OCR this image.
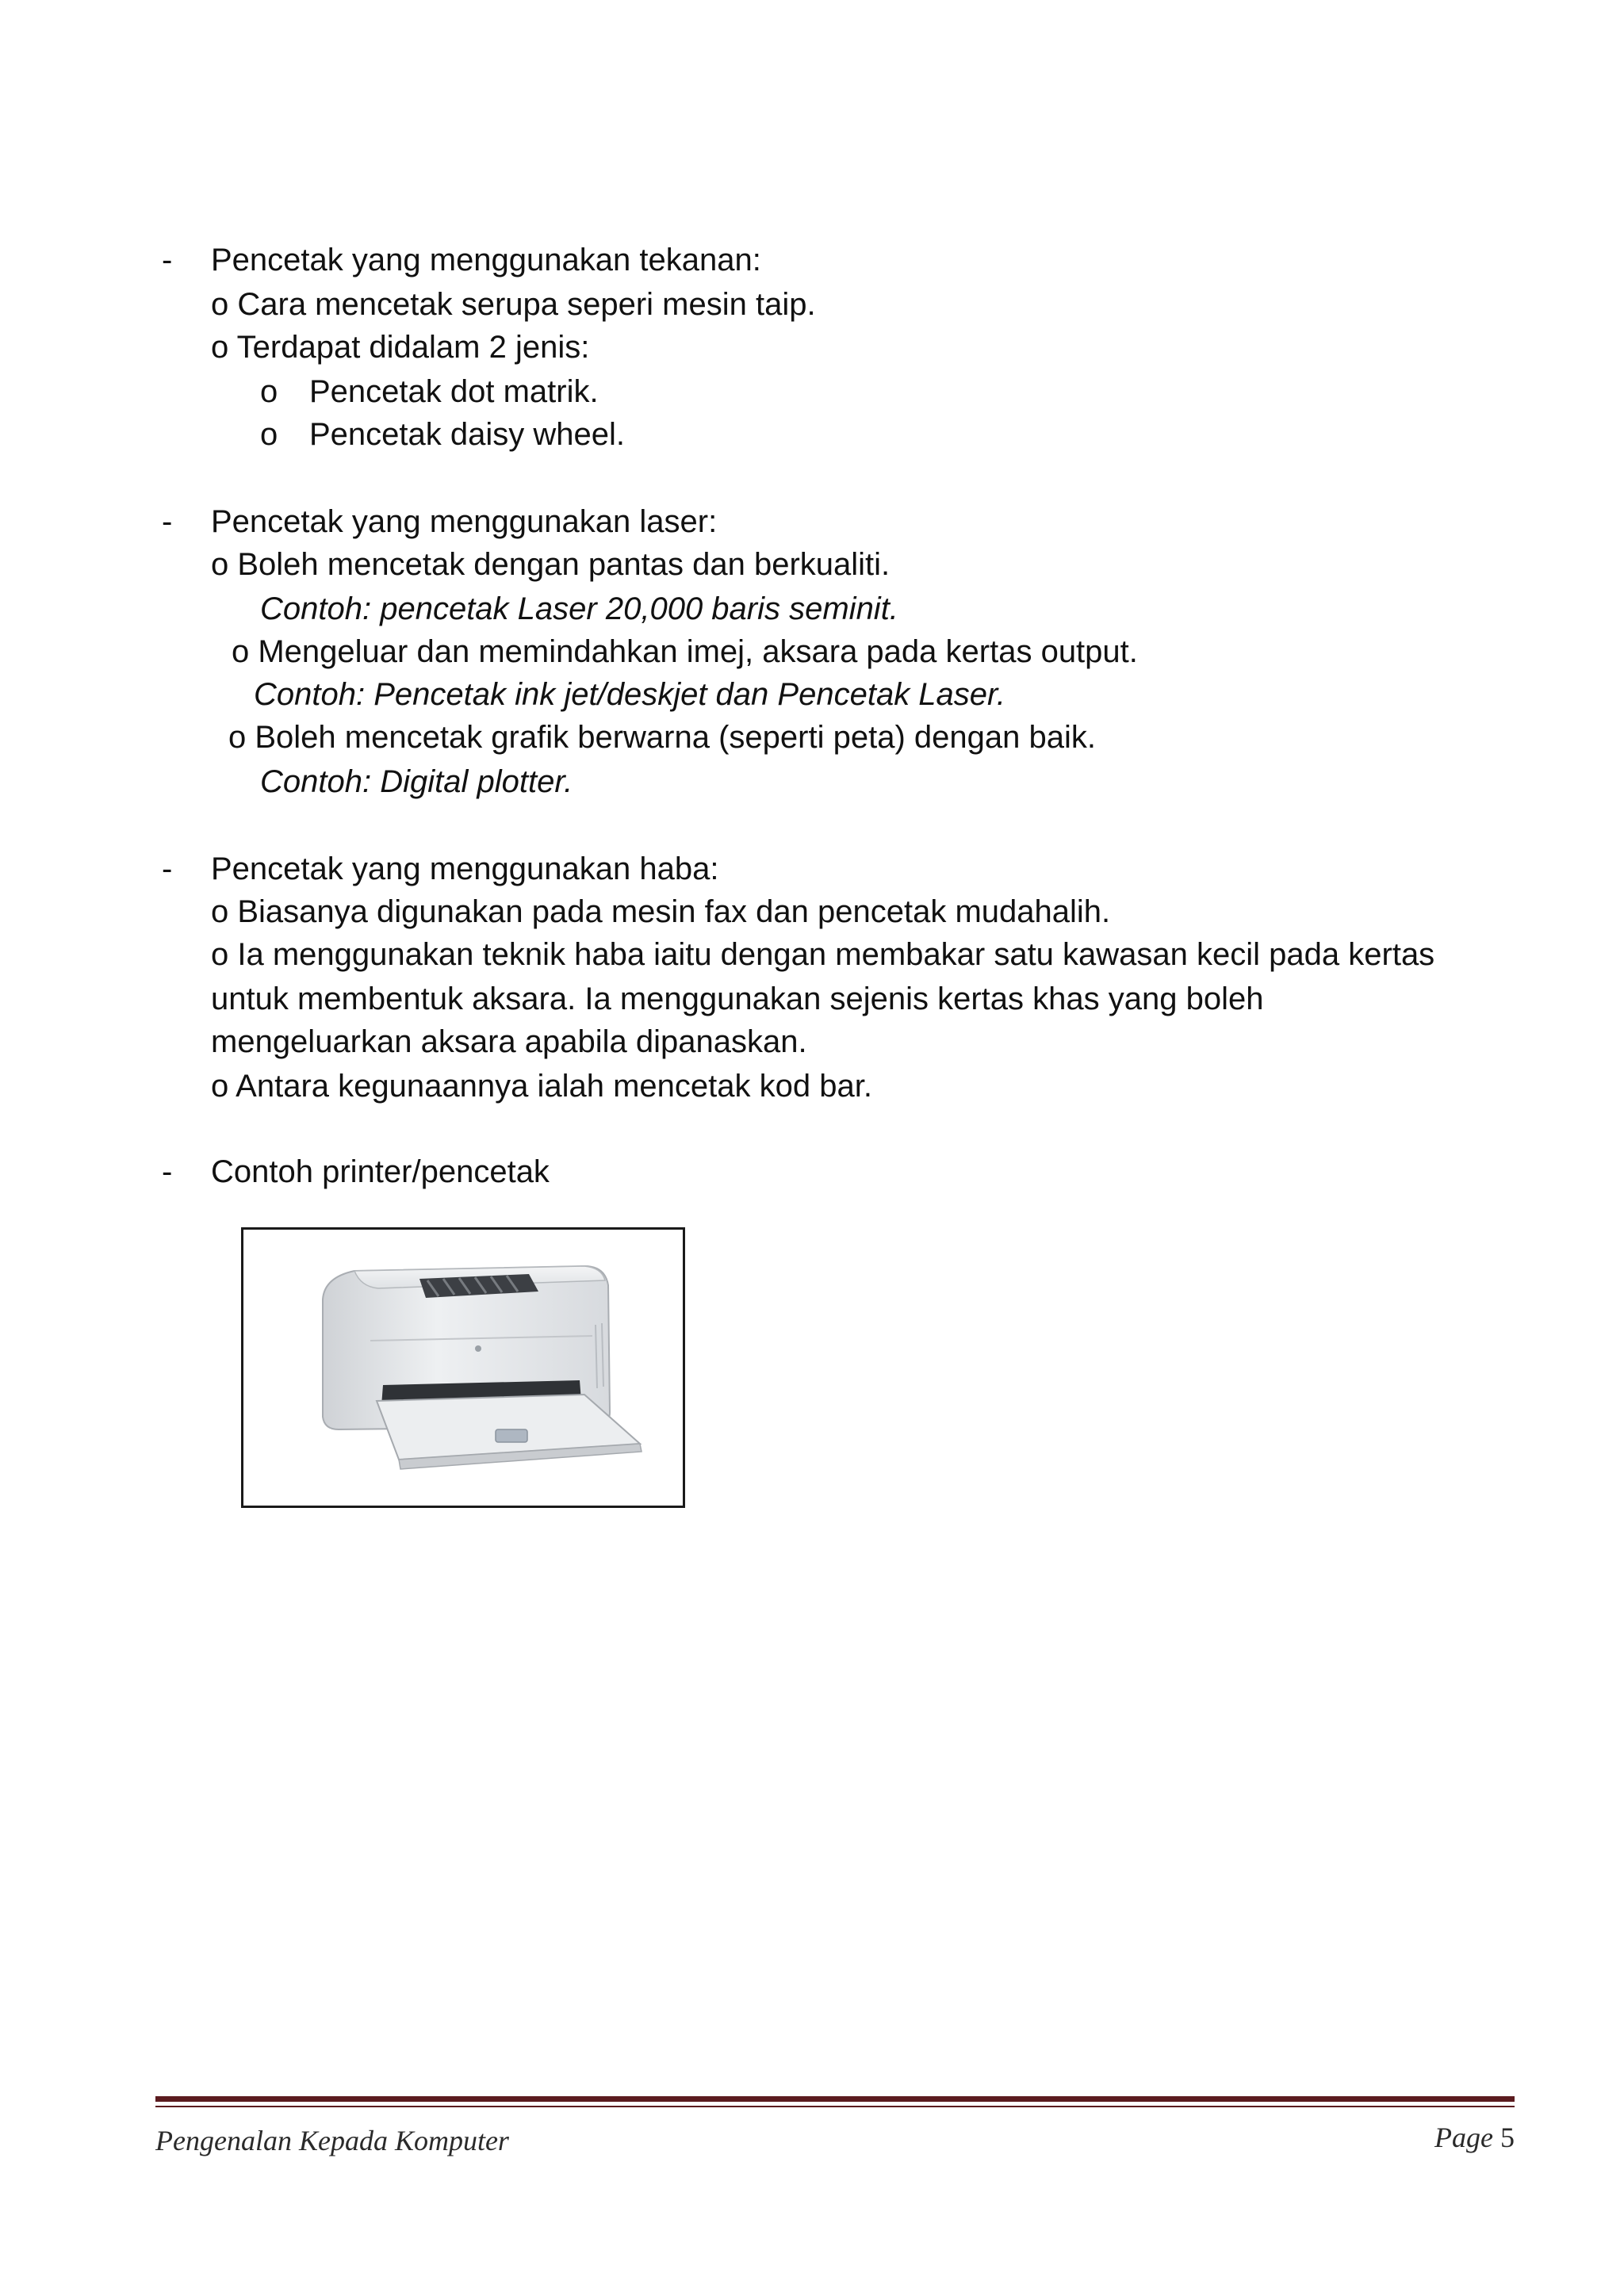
- Pencetak yang menggunakan tekanan:
o Cara mencetak serupa seperi mesin taip.
o Terdapat didalam 2 jenis:
o Pencetak dot matrik.
o Pencetak daisy wheel.
- Pencetak yang menggunakan laser:
o Boleh mencetak dengan pantas dan berkualiti.
Contoh: pencetak Laser 20,000 baris seminit.
o Mengeluar dan memindahkan imej, aksara pada kertas output.
Contoh: Pencetak ink jet/deskjet dan Pencetak Laser.
o Boleh mencetak grafik berwarna (seperti peta) dengan baik.
Contoh: Digital plotter.
- Pencetak yang menggunakan haba:
o Biasanya digunakan pada mesin fax dan pencetak mudahalih.
o Ia menggunakan teknik haba iaitu dengan membakar satu kawasan kecil pada kertas
untuk membentuk aksara. Ia menggunakan sejenis kertas khas yang boleh
mengeluarkan aksara apabila dipanaskan.
o Antara kegunaannya ialah mencetak kod bar.
- Contoh printer/pencetak
Pengenalan Kepada Komputer	Page 5
